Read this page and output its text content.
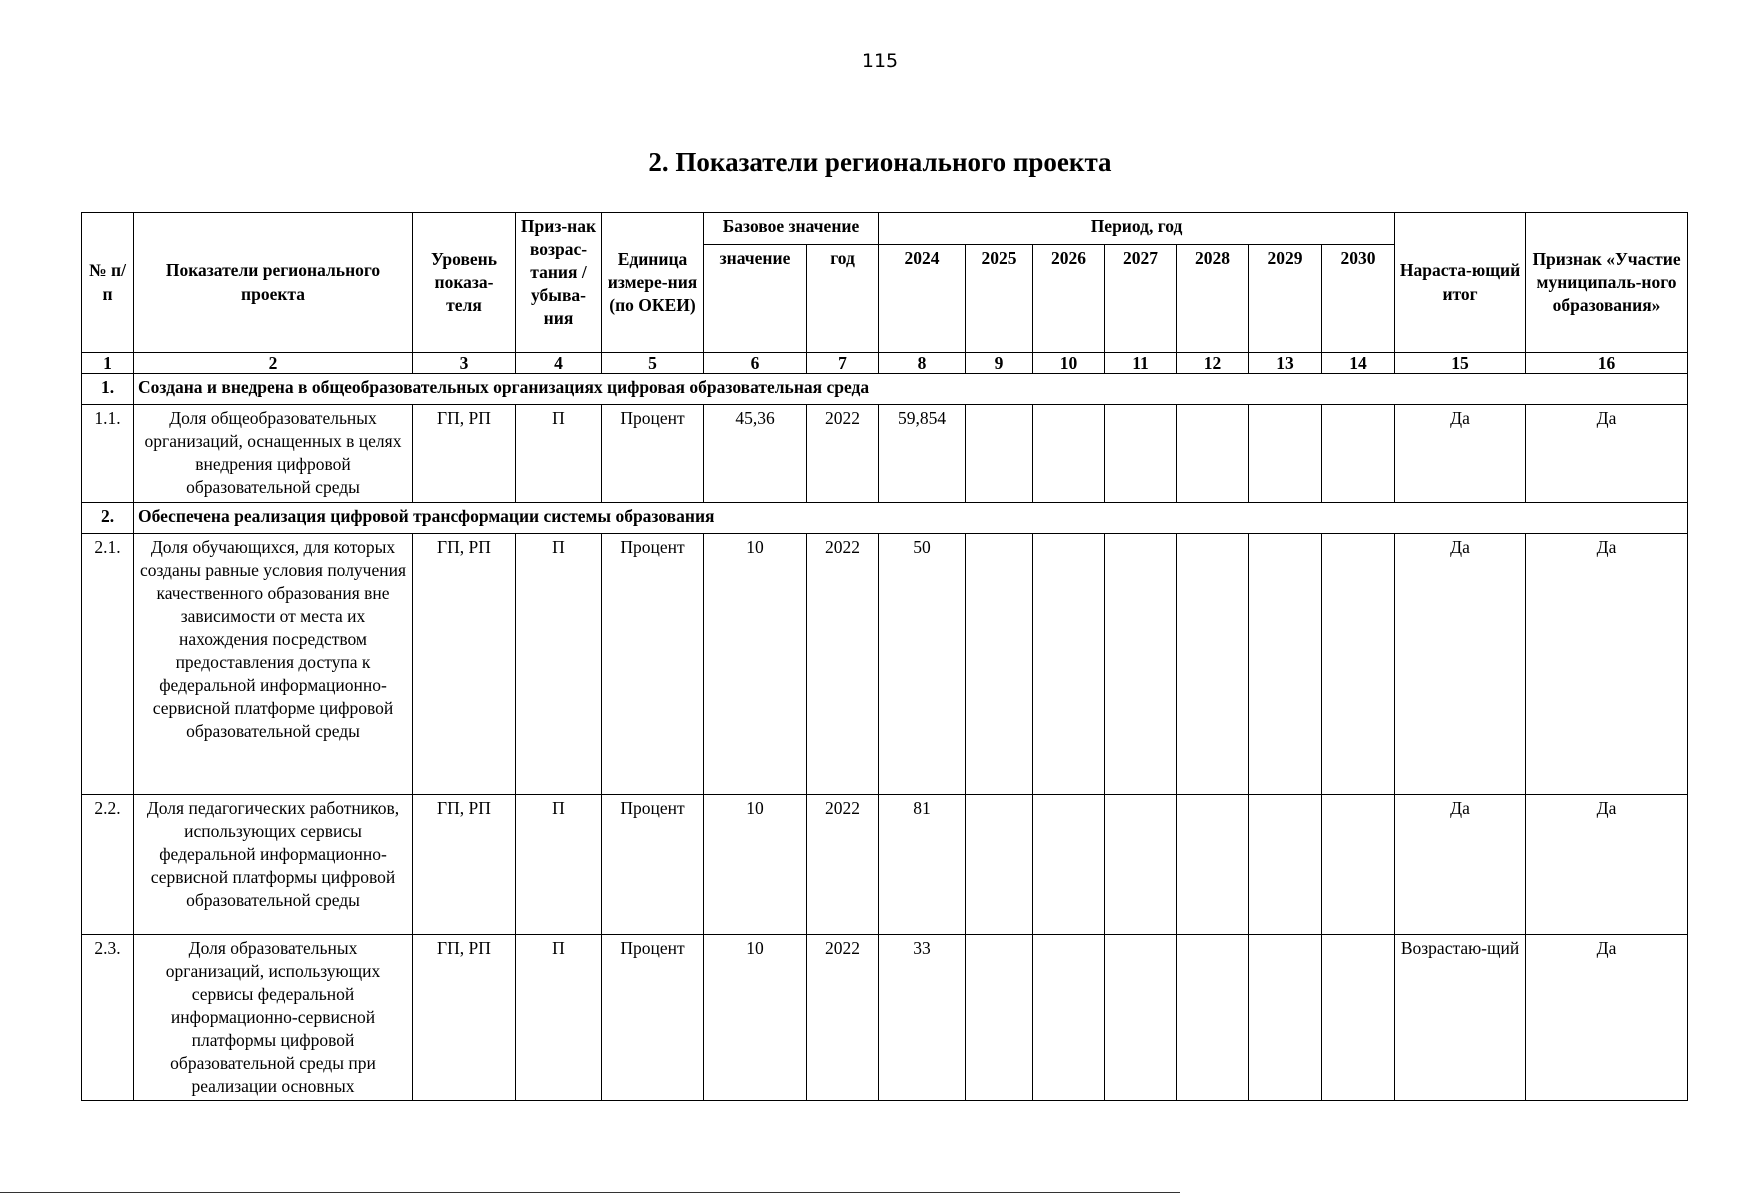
115
2. Показатели регионального проекта
№ п/п	Показатели регионального проекта	Уровень показа-теля	Приз-нак возрас-тания / убыва-ния	Единица измере-ния (по ОКЕИ)	Базовое значение		Период, год							Нараста-ющий итог	Признак «Участие муниципаль-ного образования»
					значение	год	2024	2025	2026	2027	2028	2029	2030		
1	2	3	4	5	6	7	8	9	10	11	12	13	14	15	16
1.	Создана и внедрена в общеобразовательных организациях цифровая образовательная среда														
1.1.	Доля общеобразовательных организаций, оснащенных в целях внедрения цифровой образовательной среды	ГП, РП	П	Процент	45,36	2022	59,854							Да	Да
2.	Обеспечена реализация цифровой трансформации системы образования														
2.1.	Доля обучающихся, для которых созданы равные условия получения качественного образования вне зависимости от места их нахождения посредством предоставления доступа к федеральной информационно-сервисной платформе цифровой образовательной среды	ГП, РП	П	Процент	10	2022	50							Да	Да
2.2.	Доля педагогических работников, использующих сервисы федеральной информационно-сервисной платформы цифровой образовательной среды	ГП, РП	П	Процент	10	2022	81							Да	Да
2.3.	Доля образовательных организаций, использующих сервисы федеральной информационно-сервисной платформы цифровой образовательной среды при реализации основных	ГП, РП	П	Процент	10	2022	33							Возрастаю-щий	Да
